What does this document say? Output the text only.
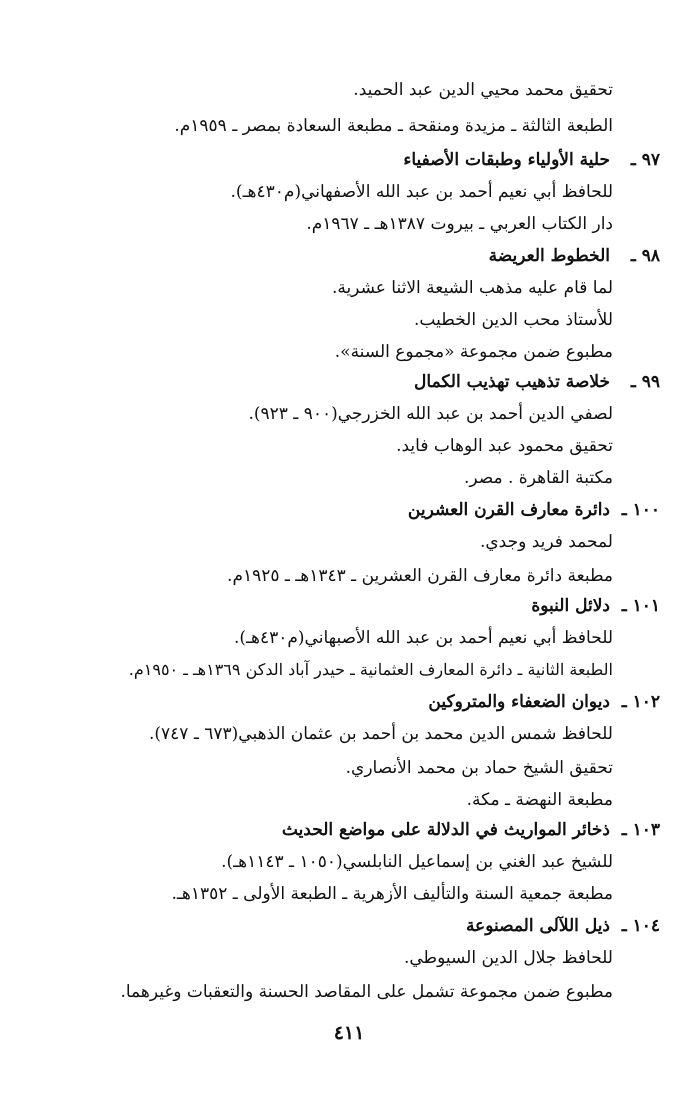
تحقيق محمد محيي الدين عبد الحميد.
الطبعة الثالثة ـ مزيدة ومنقحة ـ مطبعة السعادة بمصر ـ ١٩٥٩م.
٩٧ ـحلية الأولياء وطبقات الأصفياء
للحافظ أبي نعيم أحمد بن عبد الله الأصفهاني(م٤٣٠هـ).
دار الكتاب العربي ـ بيروت ١٣٨٧هـ ـ ١٩٦٧م.
٩٨ ـالخطوط العريضة
لما قام عليه مذهب الشيعة الاثنا عشرية.
للأستاذ محب الدين الخطيب.
مطبوع ضمن مجموعة «مجموع السنة».
٩٩ ـخلاصة تذهيب تهذيب الكمال
لصفي الدين أحمد بن عبد الله الخزرجي(٩٠٠ ـ ٩٢٣).
تحقيق محمود عبد الوهاب فايد.
مكتبة القاهرة . مصر.
١٠٠ ـدائرة معارف القرن العشرين
لمحمد فريد وجدي.
مطبعة دائرة معارف القرن العشرين ـ ١٣٤٣هـ ـ ١٩٢٥م.
١٠١ ـدلائل النبوة
للحافظ أبي نعيم أحمد بن عبد الله الأصبهاني(م٤٣٠هـ).
الطبعة الثانية ـ دائرة المعارف العثمانية ـ حيدر آباد الدكن ١٣٦٩هـ ـ ١٩٥٠م.
١٠٢ ـديوان الضعفاء والمتروكين
للحافظ شمس الدين محمد بن أحمد بن عثمان الذهبي(٦٧٣ ـ ٧٤٧).
تحقيق الشيخ حماد بن محمد الأنصاري.
مطبعة النهضة ـ مكة.
١٠٣ ـذخائر المواريث في الدلالة على مواضع الحديث
للشيخ عبد الغني بن إسماعيل النابلسي(١٠٥٠ ـ ١١٤٣هـ).
مطبعة جمعية السنة والتأليف الأزهرية ـ الطبعة الأولى ـ ١٣٥٢هـ.
١٠٤ ـذيل اللآلى المصنوعة
للحافظ جلال الدين السيوطي.
مطبوع ضمن مجموعة تشمل على المقاصد الحسنة والتعقبات وغيرهما.
٤١١
